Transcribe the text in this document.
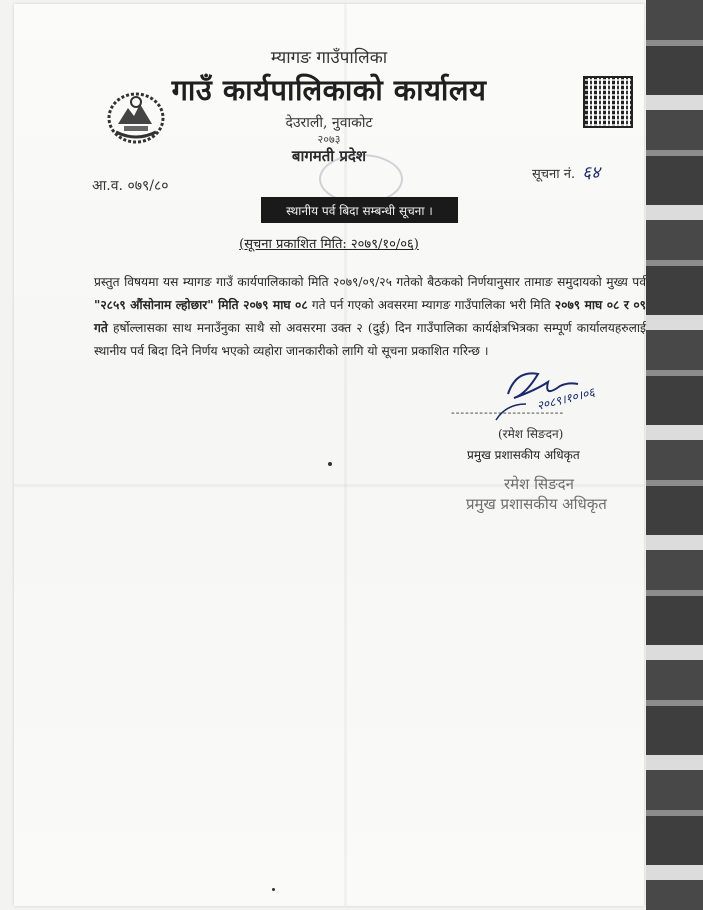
म्यागङ गाउँपालिका
गाउँ कार्यपालिकाको कार्यालय
देउराली, नुवाकोट
२०७३
बागमती प्रदेश
आ.व. ०७९/८०
सूचना नं. ६४
स्थानीय पर्व बिदा सम्बन्धी सूचना ।
(सूचना प्रकाशित मिति: २०७९/१०/०६)
प्रस्तुत विषयमा यस म्यागङ गाउँ कार्यपालिकाको मिति २०७९/०९/२५ गतेको बैठकको निर्णयानुसार तामाङ समुदायको मुख्य पर्व "२८५९ औंसोनाम ल्होछार" मिति २०७९ माघ ०८ गते पर्न गएको अवसरमा म्यागङ गाउँपालिका भरी मिति २०७९ माघ ०८ र ०९ गते हर्षोल्लासका साथ मनाउँनुका साथै सो अवसरमा उक्त २ (दुई) दिन गाउँपालिका कार्यक्षेत्रभित्रका सम्पूर्ण कार्यालयहरुलाई स्थानीय पर्व बिदा दिने निर्णय भएको व्यहोरा जानकारीको लागि यो सूचना प्रकाशित गरिन्छ ।
२०८९।१०।०६
------------------------
(रमेश सिङदन)
प्रमुख प्रशासकीय अधिकृत
रमेश सिङदन
प्रमुख प्रशासकीय अधिकृत
